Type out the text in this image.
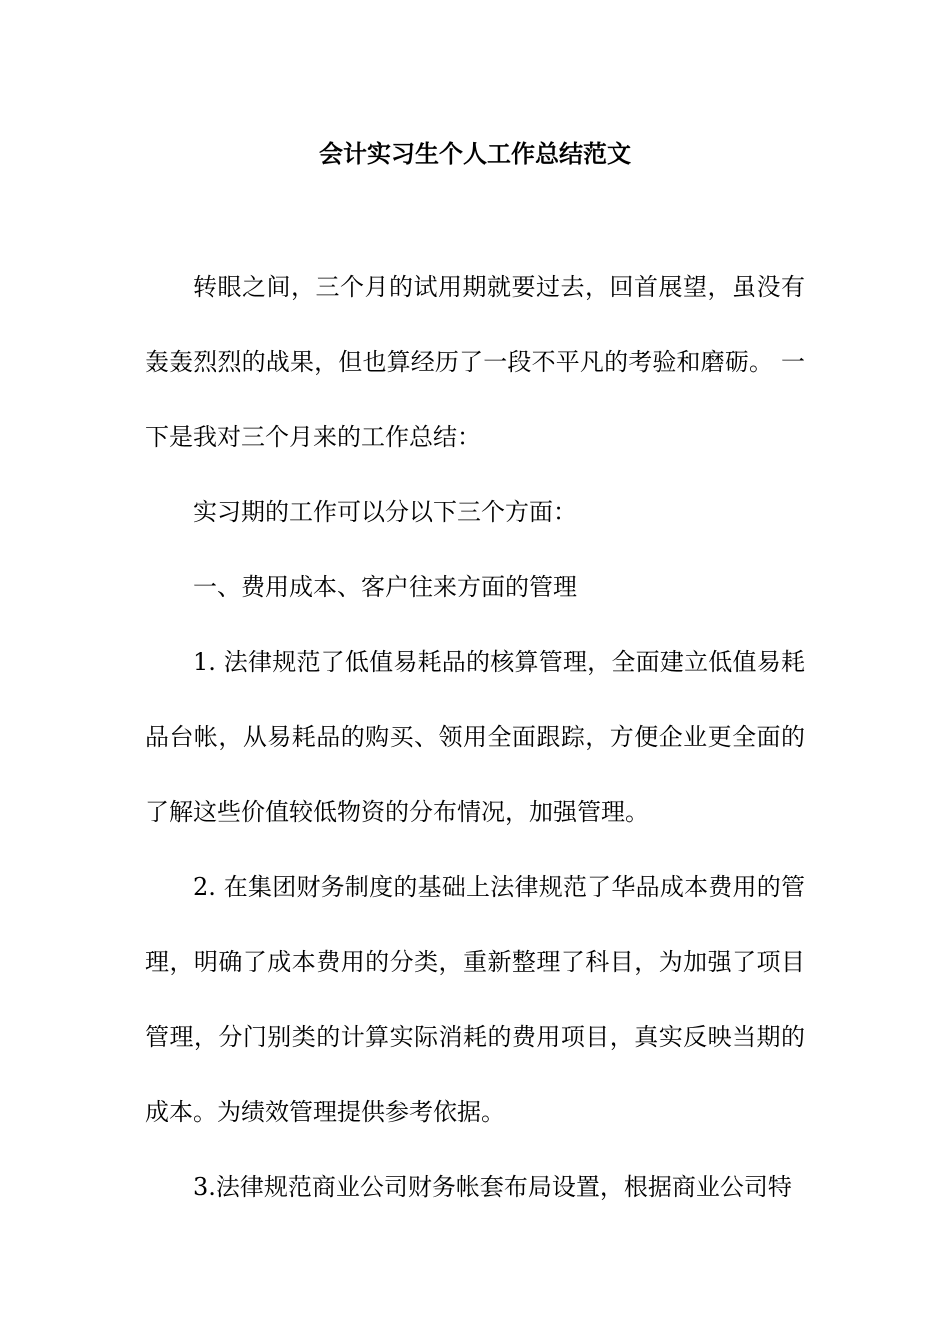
会计实习生个人工作总结范文

转眼之间，三个月的试用期就要过去，回首展望，虽没有轰轰烈烈的战果，但也算经历了一段不平凡的考验和磨砺。 一下是我对三个月来的工作总结：

实习期的工作可以分以下三个方面：

一、费用成本、客户往来方面的管理

1. 法律规范了低值易耗品的核算管理，全面建立低值易耗品台帐，从易耗品的购买、领用全面跟踪，方便企业更全面的了解这些价值较低物资的分布情况，加强管理。

2. 在集团财务制度的基础上法律规范了华品成本费用的管理，明确了成本费用的分类，重新整理了科目，为加强了项目管理，分门别类的计算实际消耗的费用项目，真实反映当期的成本。为绩效管理提供参考依据。

3.法律规范商业公司财务帐套布局设置，根据商业公司特
